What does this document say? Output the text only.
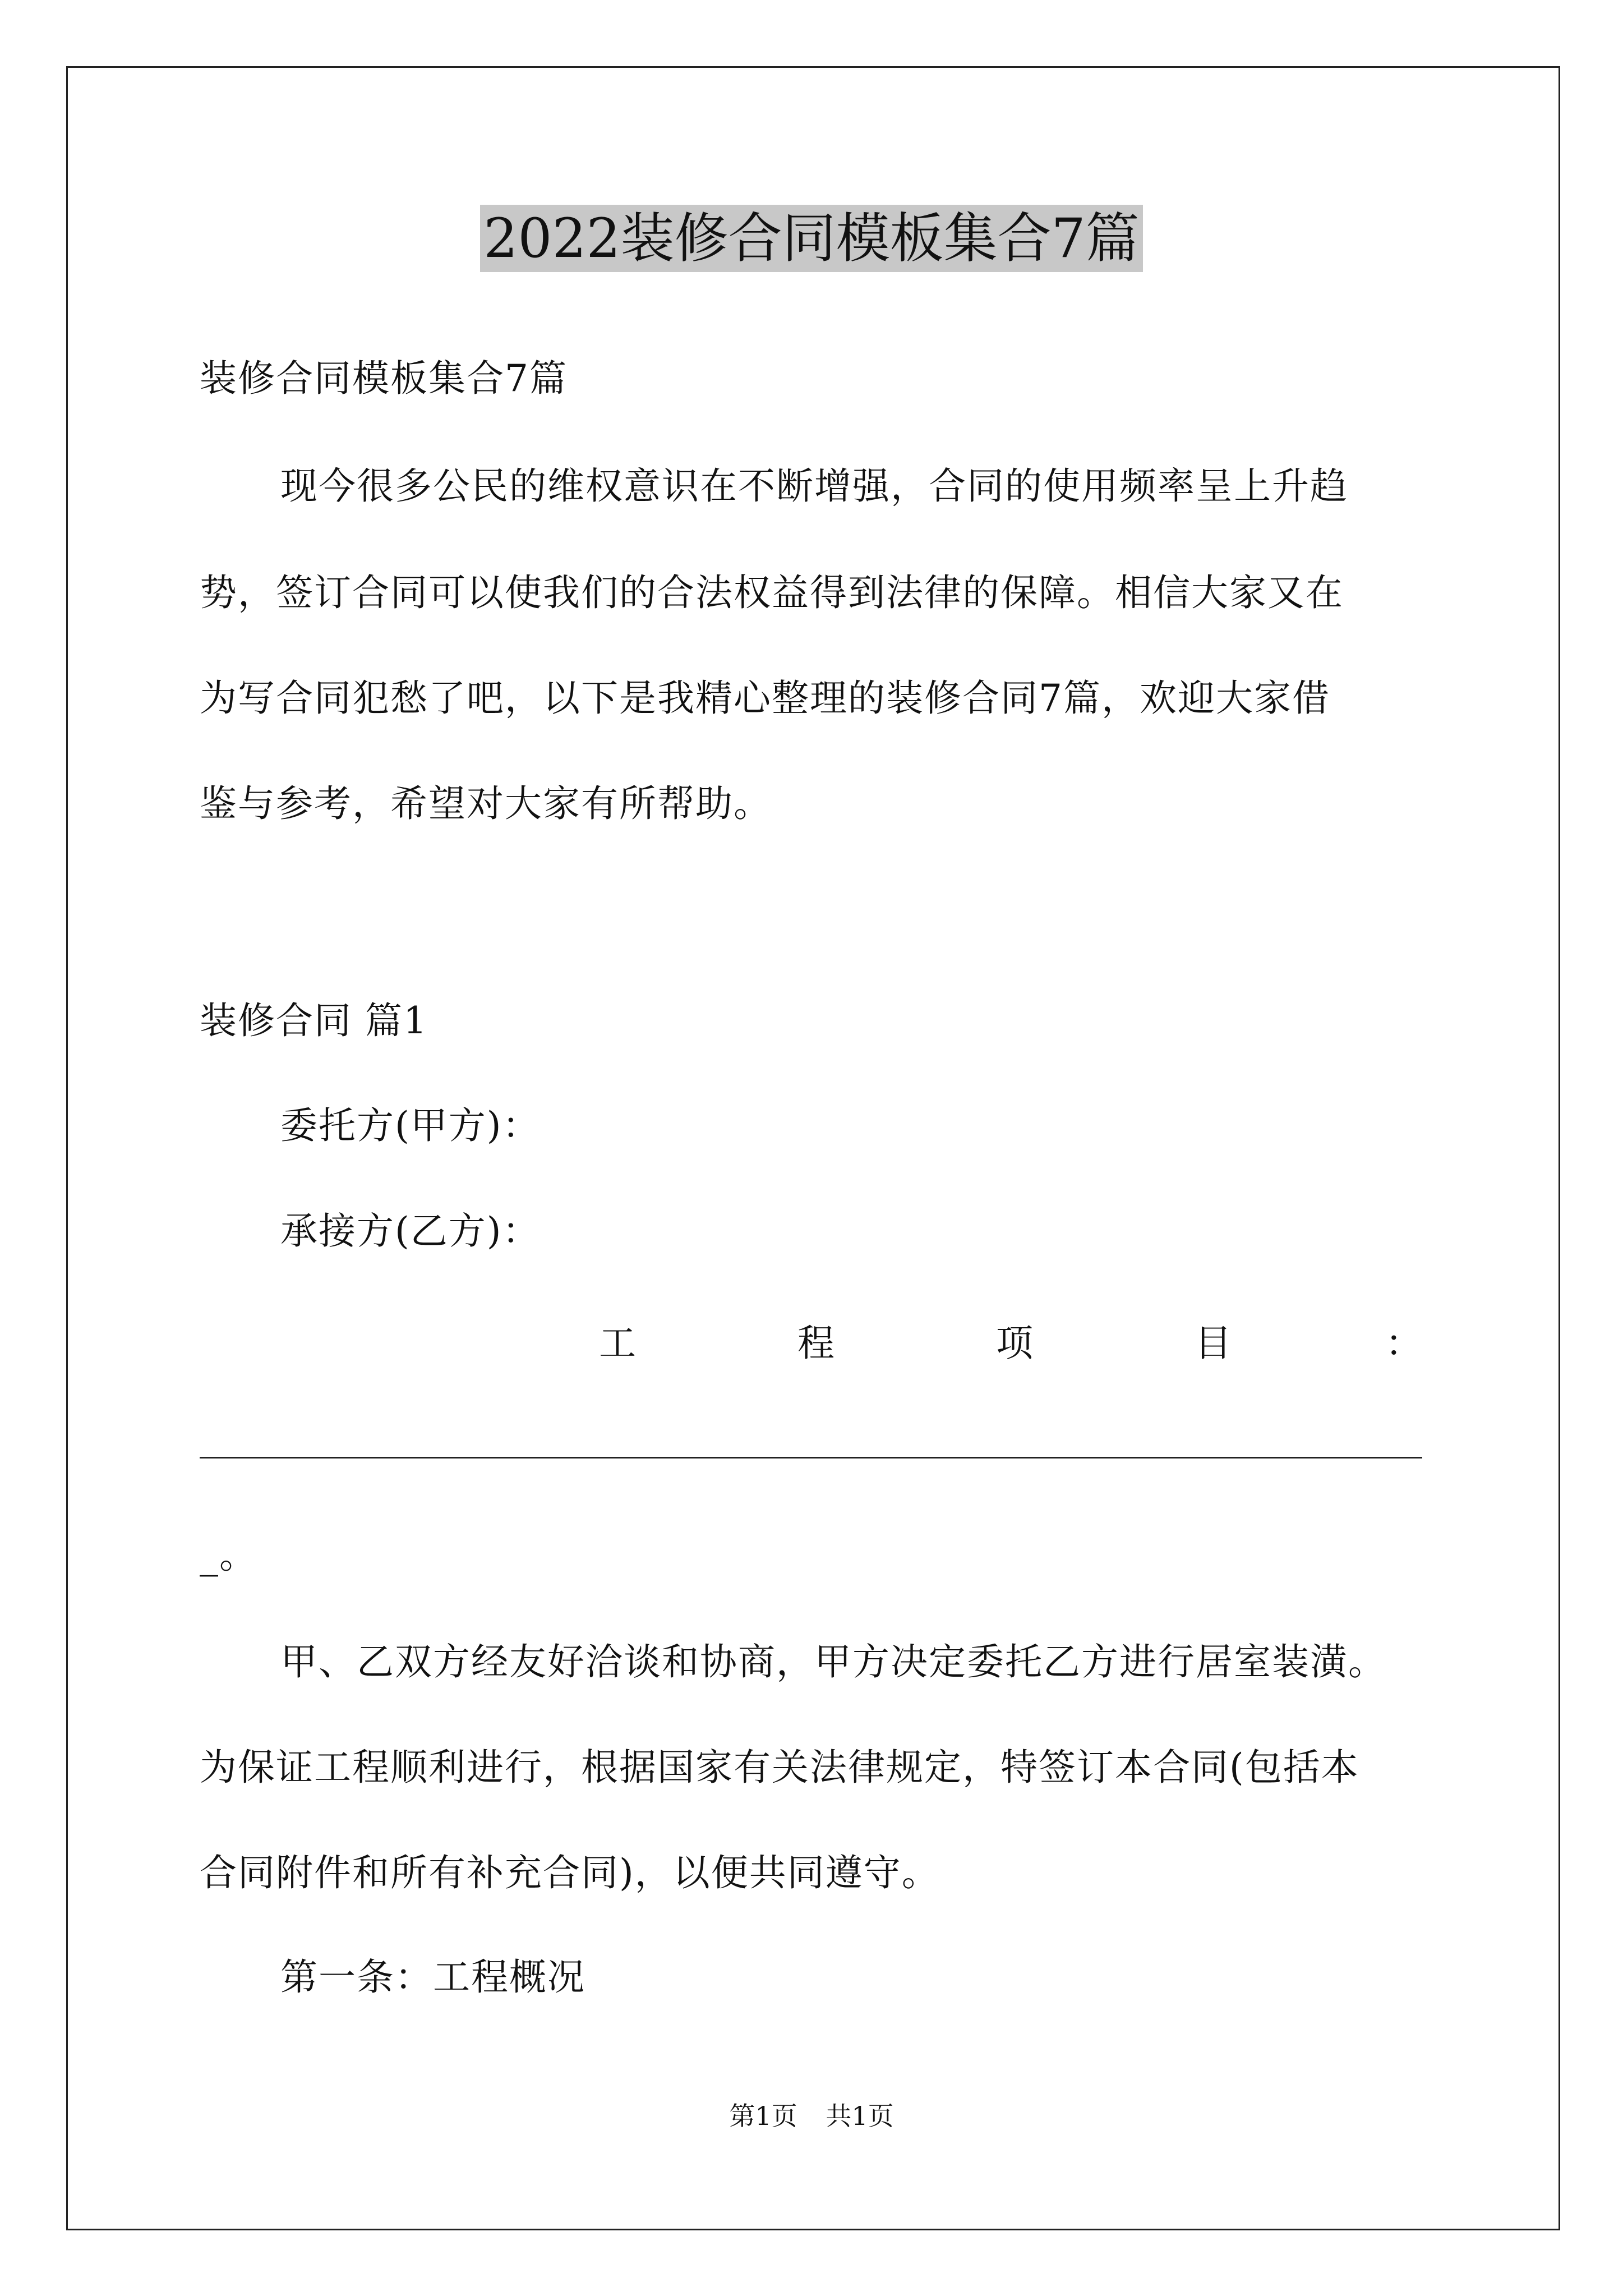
2022装修合同模板集合7篇
装修合同模板集合7篇
现今很多公民的维权意识在不断增强，合同的使用频率呈上升趋
势，签订合同可以使我们的合法权益得到法律的保障。相信大家又在
为写合同犯愁了吧，以下是我精心整理的装修合同7篇，欢迎大家借
鉴与参考，希望对大家有所帮助。
装修合同 篇1
委托方(甲方)：
承接方(乙方)：
工	程	项	目	：
_。
甲、乙双方经友好洽谈和协商，甲方决定委托乙方进行居室装潢。
为保证工程顺利进行，根据国家有关法律规定，特签订本合同(包括本
合同附件和所有补充合同)，以便共同遵守。
第一条：工程概况
第1页 共1页
